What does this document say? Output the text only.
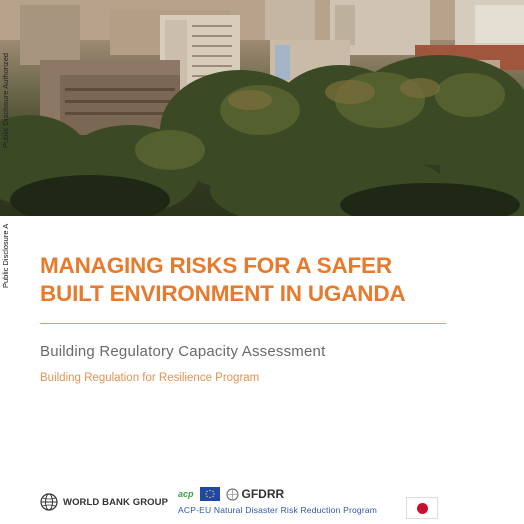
Public Disclosure Authorized
Public Disclosure A MANAGING RISKS FOR A SAFER
BUILT ENVIRONMENT IN UGANDA
Building Regulatory Capacity Assessment
Building Regulation for Resilience Program
WORLD BANK GROUP
acp	GFDRR
ACP-EU Natural Disaster Risk Reduction Program
